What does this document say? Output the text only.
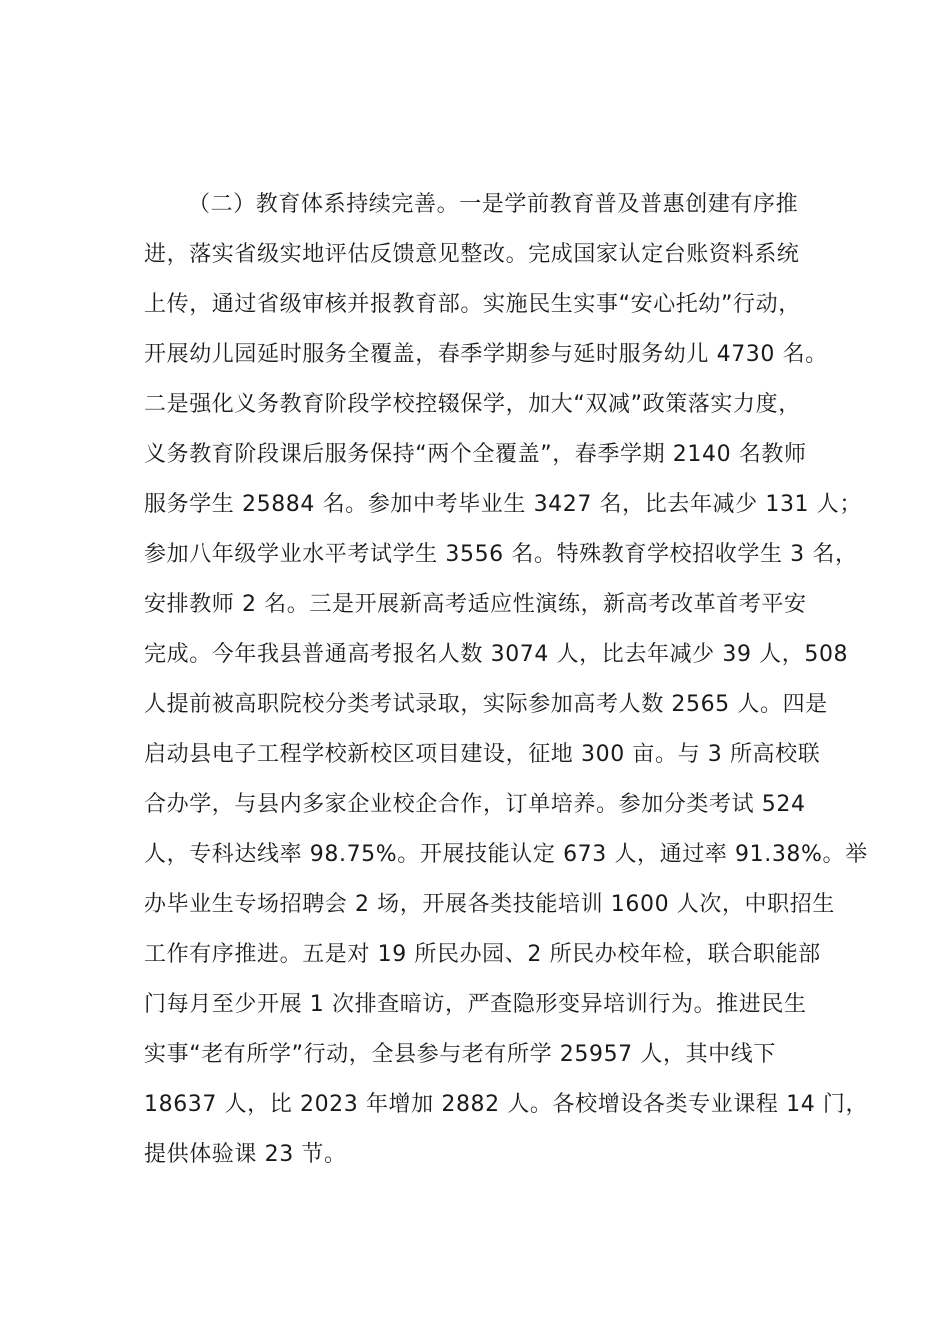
（二）教育体系持续完善。一是学前教育普及普惠创建有序推
进，落实省级实地评估反馈意见整改。完成国家认定台账资料系统
上传，通过省级审核并报教育部。实施民生实事“安心托幼”行动，
开展幼儿园延时服务全覆盖，春季学期参与延时服务幼儿 4730 名。
二是强化义务教育阶段学校控辍保学，加大“双减”政策落实力度，
义务教育阶段课后服务保持“两个全覆盖”，春季学期 2140 名教师
服务学生 25884 名。参加中考毕业生 3427 名，比去年减少 131 人；
参加八年级学业水平考试学生 3556 名。特殊教育学校招收学生 3 名，
安排教师 2 名。三是开展新高考适应性演练，新高考改革首考平安
完成。今年我县普通高考报名人数 3074 人，比去年减少 39 人，508
人提前被高职院校分类考试录取，实际参加高考人数 2565 人。四是
启动县电子工程学校新校区项目建设，征地 300 亩。与 3 所高校联
合办学，与县内多家企业校企合作，订单培养。参加分类考试 524
人，专科达线率 98.75%。开展技能认定 673 人，通过率 91.38%。举
办毕业生专场招聘会 2 场，开展各类技能培训 1600 人次，中职招生
工作有序推进。五是对 19 所民办园、2 所民办校年检，联合职能部
门每月至少开展 1 次排查暗访，严查隐形变异培训行为。推进民生
实事“老有所学”行动，全县参与老有所学 25957 人，其中线下
18637 人，比 2023 年增加 2882 人。各校增设各类专业课程 14 门，
提供体验课 23 节。
